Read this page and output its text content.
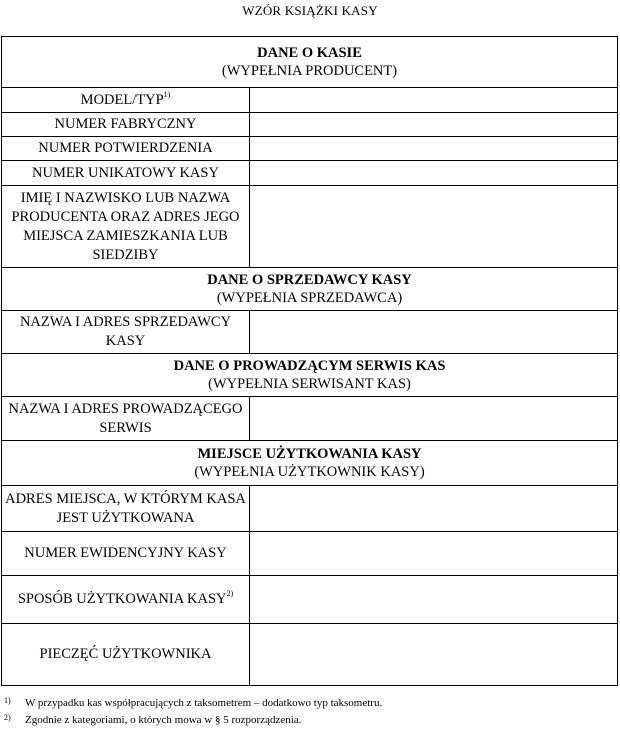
WZÓR KSIĄŻKI KASY
DANE O KASIE
(WYPEŁNIA PRODUCENT)	

MODEL/TYP$^{1)}$	
NUMER FABRYCZNY	
NUMER POTWIERDZENIA	
NUMER UNIKATOWY KASY	
IMIĘ I NAZWISKO LUB NAZWA PRODUCENTA ORAZ ADRES JEGO MIEJSCA ZAMIESZKANIA LUB SIEDZIBY	

DANE O SPRZEDAWCY KASY
(WYPEŁNIA SPRZEDAWCA)	

NAZWA I ADRES SPRZEDAWCY KASY	

DANE O PROWADZĄCYM SERWIS KAS
(WYPEŁNIA SERWISANT KAS)	

NAZWA I ADRES PROWADZĄCEGO SERWIS	

MIEJSCE UŻYTKOWANIA KASY
(WYPEŁNIA UŻYTKOWNIK KASY)	

ADRES MIEJSCA, W KTÓRYM KASA JEST UŻYTKOWANA	
NUMER EWIDENCYJNY KASY	
SPOSÓB UŻYTKOWANIA KASY$^{2)}$	
PIECZĘĆ UŻYTKOWNIKA	
1)	W przypadku kas współpracujących z taksometrem – dodatkowo typ taksometru.
2)	Zgodnie z kategoriami, o których mowa w § 5 rozporządzenia.
